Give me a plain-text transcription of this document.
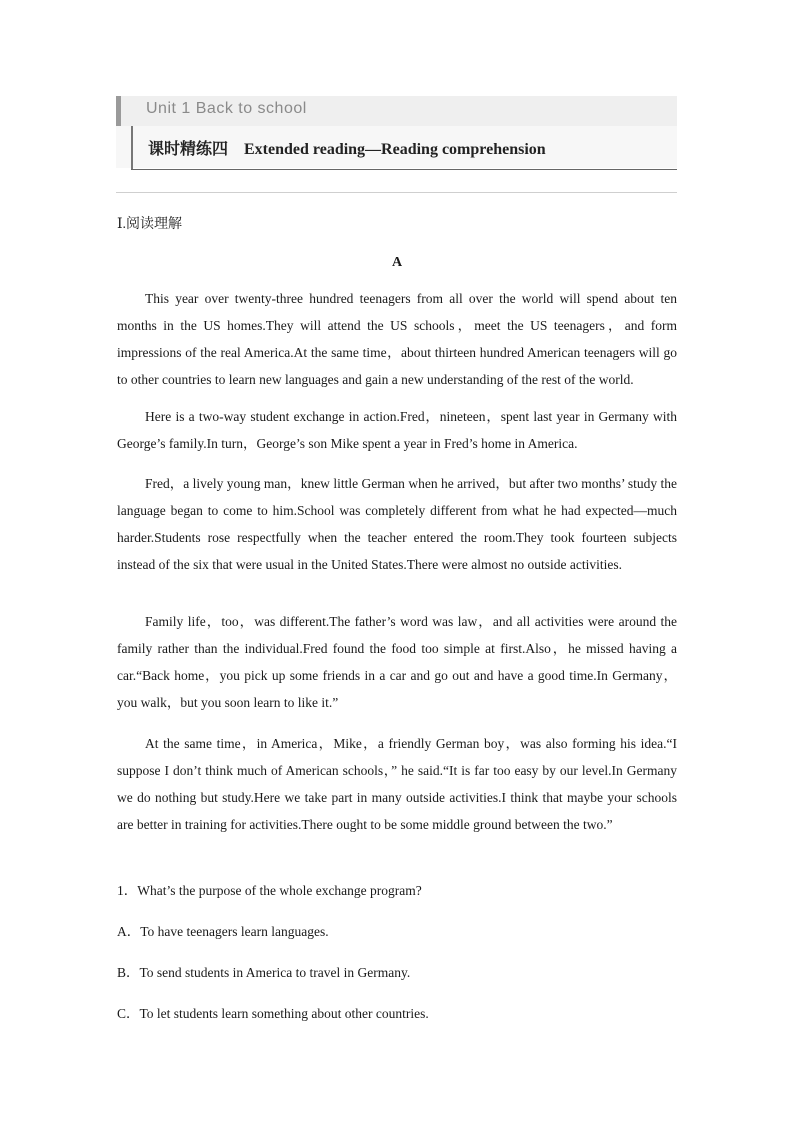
Unit 1 Back to school
课时精练四    Extended reading—Reading comprehension
Ⅰ.阅读理解
A

This year over twenty-three hundred teenagers from all over the world will spend about ten months in the US homes.They will attend the US schools，meet the US teenagers，and form impressions of the real America.At the same time，about thirteen hundred American teenagers will go to other countries to learn new languages and gain a new understanding of the rest of the world.

Here is a two-way student exchange in action.Fred，nineteen，spent last year in Germany with George’s family.In turn，George’s son Mike spent a year in Fred’s home in America.

Fred，a lively young man，knew little German when he arrived，but after two months’ study the language began to come to him.School was completely different from what he had expected—much harder.Students rose respectfully when the teacher entered the room.They took fourteen subjects instead of the six that were usual in the United States.There were almost no outside activities.

Family life，too，was different.The father’s word was law，and all activities were around the family rather than the individual.Fred found the food too simple at first.Also，he missed having a car.“Back home，you pick up some friends in a car and go out and have a good time.In Germany，you walk，but you soon learn to like it.”

At the same time，in America，Mike，a friendly German boy，was also forming his idea.“I suppose I don’t think much of American schools，” he said.“It is far too easy by our level.In Germany we do nothing but study.Here we take part in many outside activities.I think that maybe your schools are better in training for activities.There ought to be some middle ground between the two.”

1．What’s the purpose of the whole exchange program?
A．To have teenagers learn languages.
B．To send students in America to travel in Germany.
C．To let students learn something about other countries.
